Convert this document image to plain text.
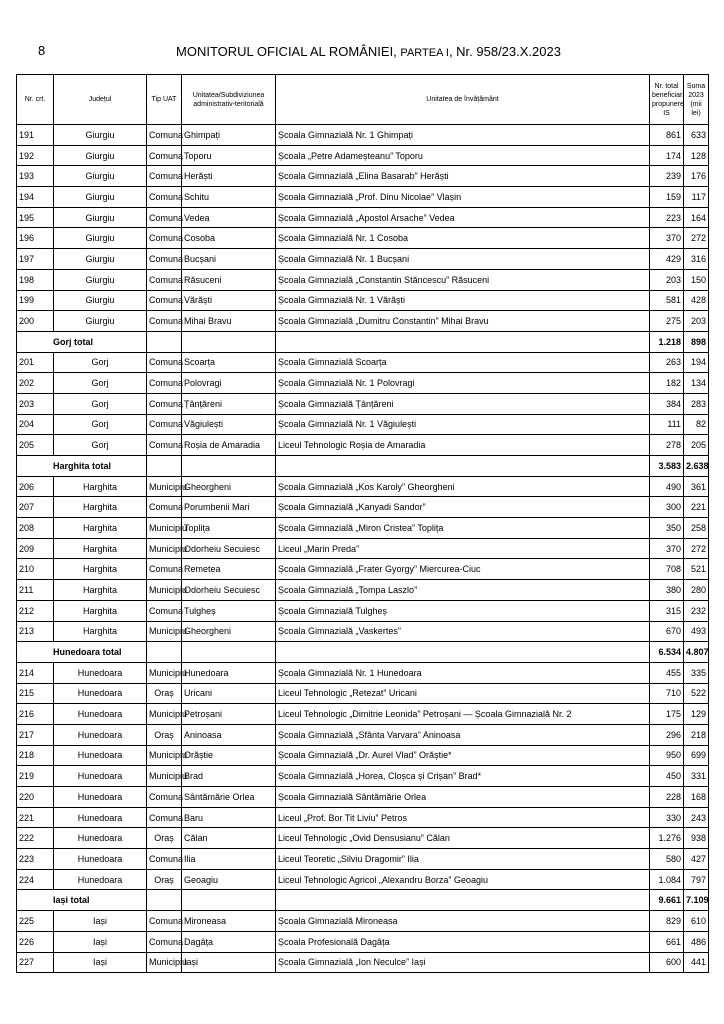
8	MONITORUL OFICIAL AL ROMÂNIEI, PARTEA I, Nr. 958/23.X.2023
Nr. crt.	Județul	Tip UAT	Unitatea/Subdiviziunea administrativ-teritorială	Unitatea de învățământ	Nr. total beneficiari propunere IS	Suma 2023 (mii lei)
191	Giurgiu	Comuna	Ghimpați	Școala Gimnazială Nr. 1 Ghimpați	861	633
192	Giurgiu	Comuna	Toporu	Școala „Petre Adameșteanu” Toporu	174	128
193	Giurgiu	Comuna	Herăști	Școala Gimnazială „Elina Basarab” Herăști	239	176
194	Giurgiu	Comuna	Schitu	Școala Gimnazială „Prof. Dinu Nicolae” Vlașin	159	117
195	Giurgiu	Comuna	Vedea	Școala Gimnazială „Apostol Arsache” Vedea	223	164
196	Giurgiu	Comuna	Cosoba	Școala Gimnazială Nr. 1 Cosoba	370	272
197	Giurgiu	Comuna	Bucșani	Școala Gimnazială Nr. 1 Bucșani	429	316
198	Giurgiu	Comuna	Răsuceni	Școala Gimnazială „Constantin Stăncescu” Răsuceni	203	150
199	Giurgiu	Comuna	Vărăști	Școala Gimnazială Nr. 1 Vărăști	581	428
200	Giurgiu	Comuna	Mihai Bravu	Școala Gimnazială „Dumitru Constantin” Mihai Bravu	275	203
Gorj total					1.218	898
201	Gorj	Comuna	Scoarța	Școala Gimnazială Scoarța	263	194
202	Gorj	Comuna	Polovragi	Școala Gimnazială Nr. 1 Polovragi	182	134
203	Gorj	Comuna	Țânțăreni	Școala Gimnazială Țânțăreni	384	283
204	Gorj	Comuna	Văgiulești	Școala Gimnazială Nr. 1 Văgiulești	111	82
205	Gorj	Comuna	Roșia de Amaradia	Liceul Tehnologic Roșia de Amaradia	278	205
Harghita total					3.583	2.638
206	Harghita	Municipiu	Gheorgheni	Școala Gimnazială „Kos Karoly” Gheorgheni	490	361
207	Harghita	Comuna	Porumbenii Mari	Școala Gimnazială „Kanyadi Sandor”	300	221
208	Harghita	Municipiu	Toplița	Școala Gimnazială „Miron Cristea” Toplița	350	258
209	Harghita	Municipiu	Odorheiu Secuiesc	Liceul „Marin Preda”	370	272
210	Harghita	Comuna	Remetea	Școala Gimnazială „Frater Gyorgy” Miercurea-Ciuc	708	521
211	Harghita	Municipiu	Odorheiu Secuiesc	Școala Gimnazială „Tompa Laszlo”	380	280
212	Harghita	Comuna	Tulgheș	Școala Gimnazială Tulgheș	315	232
213	Harghita	Municipiu	Gheorgheni	Școala Gimnazială „Vaskertes”	670	493
Hunedoara total					6.534	4.807
214	Hunedoara	Municipiu	Hunedoara	Școala Gimnazială Nr. 1 Hunedoara	455	335
215	Hunedoara	Oraș	Uricani	Liceul Tehnologic „Retezat” Uricani	710	522
216	Hunedoara	Municipiu	Petroșani	Liceul Tehnologic „Dimitrie Leonida” Petroșani — Școala Gimnazială Nr. 2	175	129
217	Hunedoara	Oraș	Aninoasa	Școala Gimnazială „Sfânta Varvara” Aninoasa	296	218
218	Hunedoara	Municipiu	Orăștie	Școala Gimnazială „Dr. Aurel Vlad” Orăștie*	950	699
219	Hunedoara	Municipiu	Brad	Școala Gimnazială „Horea, Cloșca și Crișan” Brad*	450	331
220	Hunedoara	Comuna	Sântămărie Orlea	Școala Gimnazială Sântămărie Orlea	228	168
221	Hunedoara	Comuna	Baru	Liceul „Prof. Bor Tit Liviu” Petros	330	243
222	Hunedoara	Oraș	Călan	Liceul Tehnologic „Ovid Densusianu” Călan	1.276	938
223	Hunedoara	Comuna	Ilia	Liceul Teoretic „Silviu Dragomir” Ilia	580	427
224	Hunedoara	Oraș	Geoagiu	Liceul Tehnologic Agricol „Alexandru Borza” Geoagiu	1.084	797
Iași total					9.661	7.109
225	Iași	Comuna	Mironeasa	Școala Gimnazială Mironeasa	829	610
226	Iași	Comuna	Dagâța	Școala Profesională Dagâța	661	486
227	Iași	Municipiu	Iași	Școala Gimnazială „Ion Neculce” Iași	600	441
